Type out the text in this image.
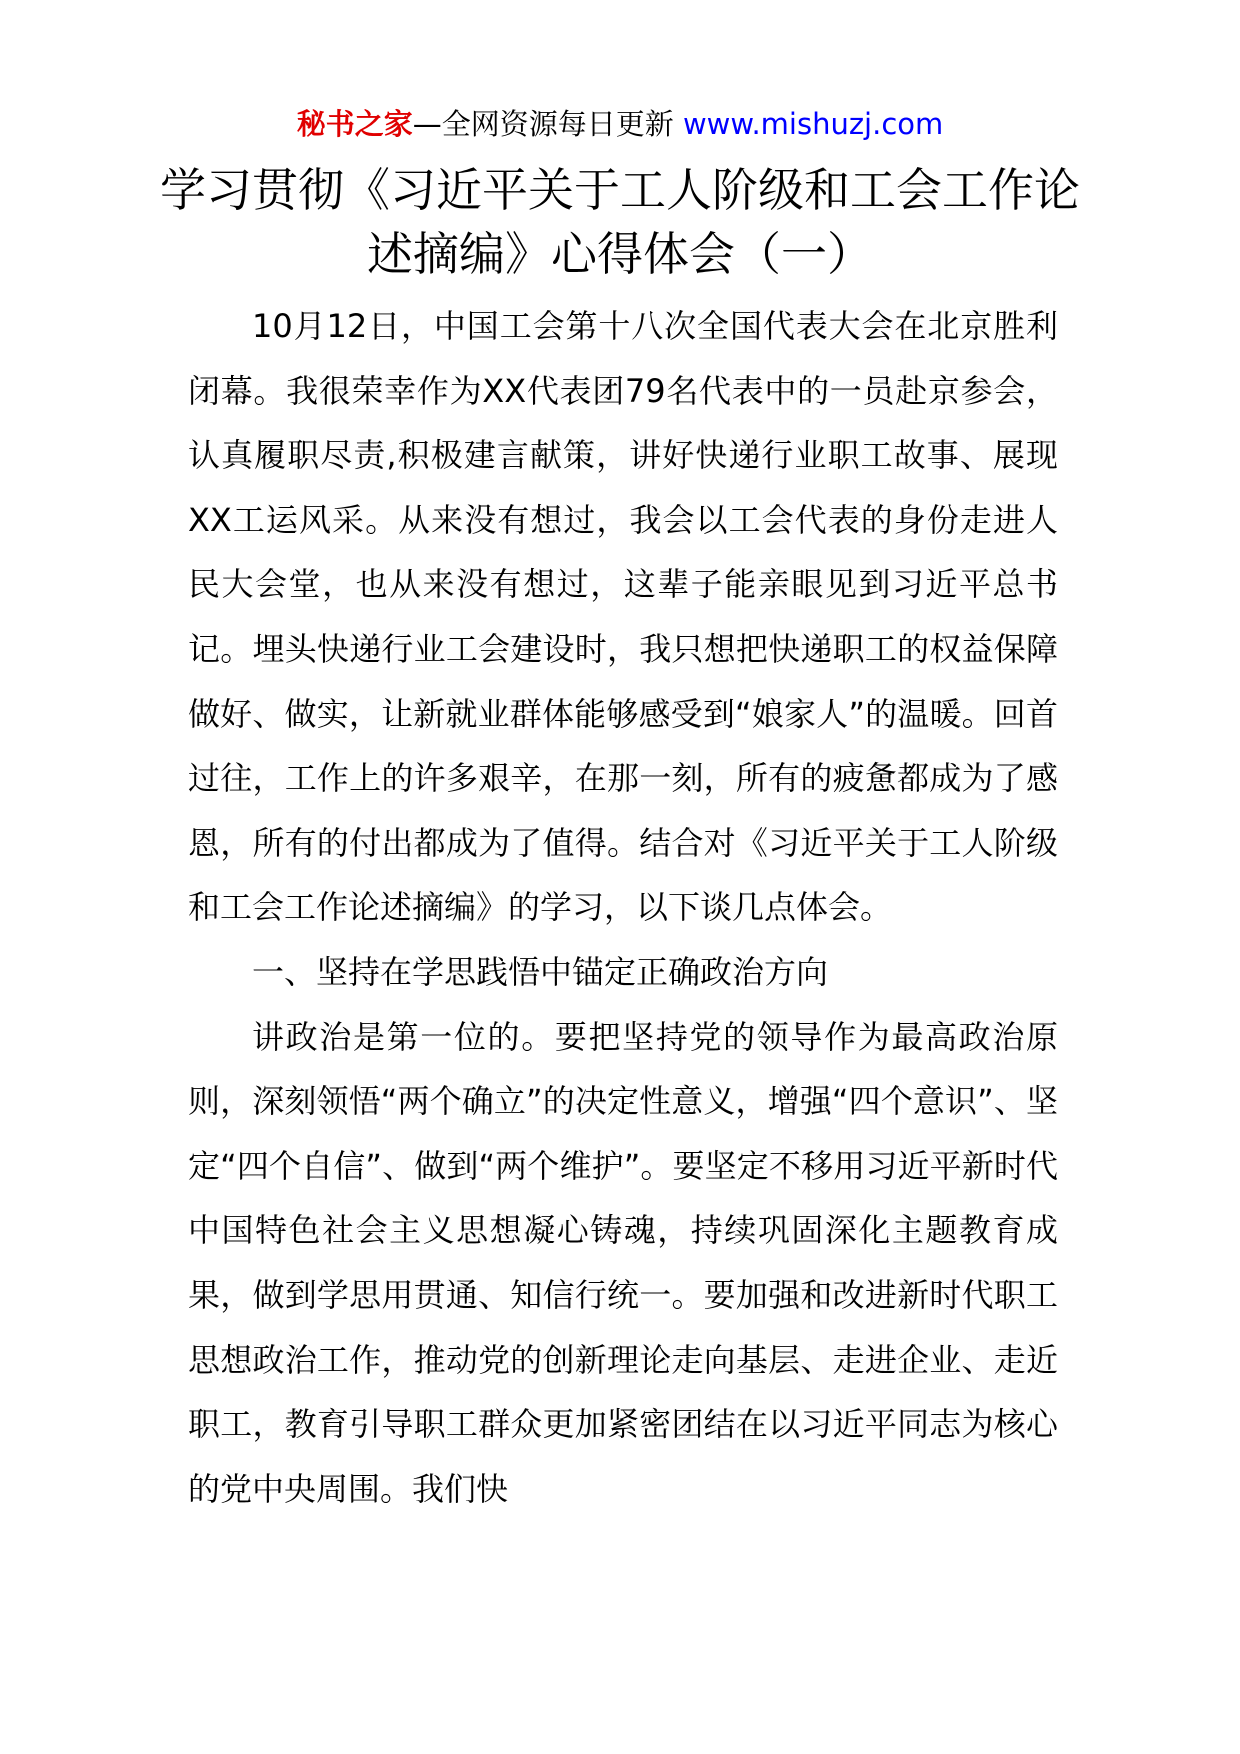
秘书之家—全网资源每日更新 www.mishuzj.com
学习贯彻《习近平关于工人阶级和工会工作论述摘编》心得体会（一）

10月12日，中国工会第十八次全国代表大会在北京胜利闭幕。我很荣幸作为XX代表团79名代表中的一员赴京参会，认真履职尽责,积极建言献策，讲好快递行业职工故事、展现XX工运风采。从来没有想过，我会以工会代表的身份走进人民大会堂，也从来没有想过，这辈子能亲眼见到习近平总书记。埋头快递行业工会建设时，我只想把快递职工的权益保障做好、做实，让新就业群体能够感受到“娘家人”的温暖。回首过往，工作上的许多艰辛，在那一刻，所有的疲惫都成为了感恩，所有的付出都成为了值得。结合对《习近平关于工人阶级和工会工作论述摘编》的学习，以下谈几点体会。

一、坚持在学思践悟中锚定正确政治方向

讲政治是第一位的。要把坚持党的领导作为最高政治原则，深刻领悟“两个确立”的决定性意义，增强“四个意识”、坚定“四个自信”、做到“两个维护”。要坚定不移用习近平新时代中国特色社会主义思想凝心铸魂，持续巩固深化主题教育成果，做到学思用贯通、知信行统一。要加强和改进新时代职工思想政治工作，推动党的创新理论走向基层、走进企业、走近职工，教育引导职工群众更加紧密团结在以习近平同志为核心的党中央周围。我们快
